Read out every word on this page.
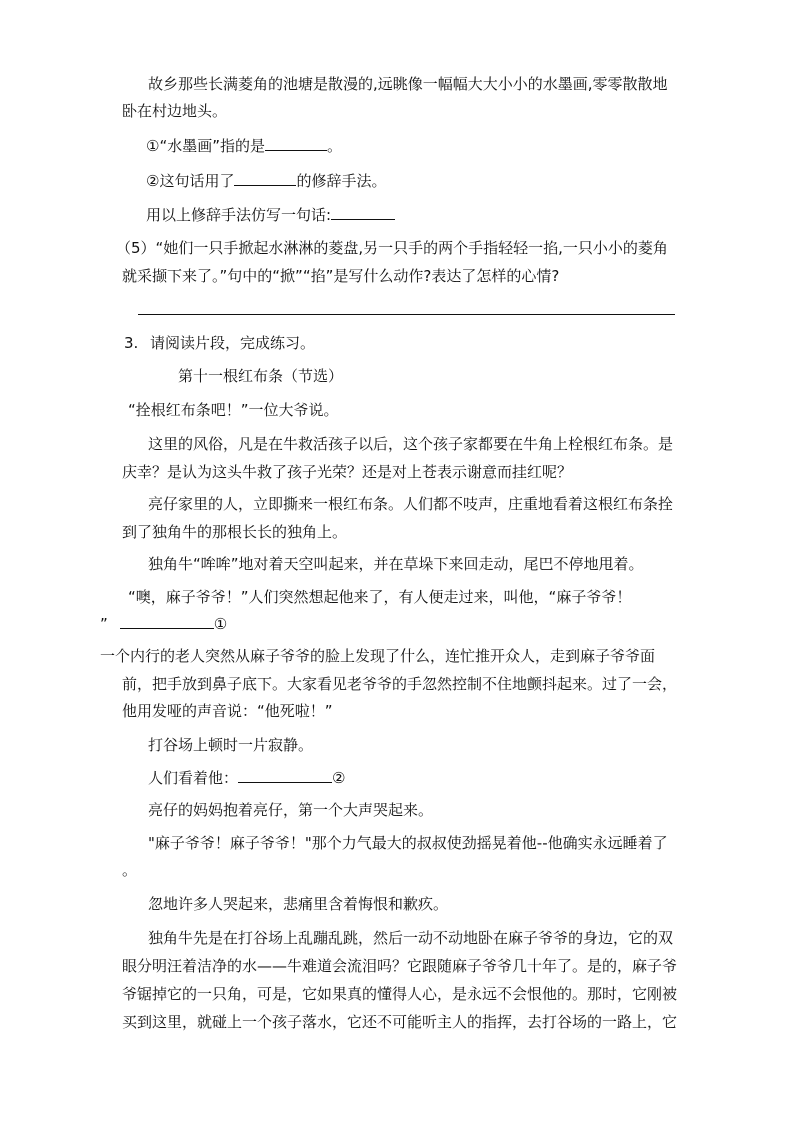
故乡那些长满菱角的池塘是散漫的,远眺像一幅幅大大小小的水墨画,零零散散地
卧在村边地头。
①“水墨画”指的是	。
②这句话用了	的修辞手法。
用以上修辞手法仿写一句话:
（5）“她们一只手掀起水淋淋的菱盘,另一只手的两个手指轻轻一掐,一只小小的菱角
就采撷下来了。”句中的“掀”“掐”是写什么动作?表达了怎样的心情?
3. 请阅读片段，完成练习。
第十一根红布条（节选）
“拴根红布条吧！”一位大爷说。
这里的风俗，凡是在牛救活孩子以后，这个孩子家都要在牛角上栓根红布条。是
庆幸？是认为这头牛救了孩子光荣？还是对上苍表示谢意而挂红呢？
亮仔家里的人，立即撕来一根红布条。人们都不吱声，庄重地看着这根红布条拴
到了独角牛的那根长长的独角上。
独角牛“哞哞”地对着天空叫起来，并在草垛下来回走动，尾巴不停地甩着。
“噢，麻子爷爷！”人们突然想起他来了，有人便走过来，叫他，“麻子爷爷！
”	①
一个内行的老人突然从麻子爷爷的脸上发现了什么，连忙推开众人，走到麻子爷爷面
前，把手放到鼻子底下。大家看见老爷爷的手忽然控制不住地颤抖起来。过了一会，
他用发哑的声音说：“他死啦！”
打谷场上顿时一片寂静。
人们看着他：	②
亮仔的妈妈抱着亮仔，第一个大声哭起来。
"麻子爷爷！麻子爷爷！"那个力气最大的叔叔使劲摇晃着他--他确实永远睡着了
。
忽地许多人哭起来，悲痛里含着悔恨和歉疚。
独角牛先是在打谷场上乱蹦乱跳，然后一动不动地卧在麻子爷爷的身边，它的双
眼分明汪着洁净的水——牛难道会流泪吗？它跟随麻子爷爷几十年了。是的，麻子爷
爷锯掉它的一只角，可是，它如果真的懂得人心，是永远不会恨他的。那时，它刚被
买到这里，就碰上一个孩子落水，它还不可能听主人的指挥，去打谷场的一路上，它
